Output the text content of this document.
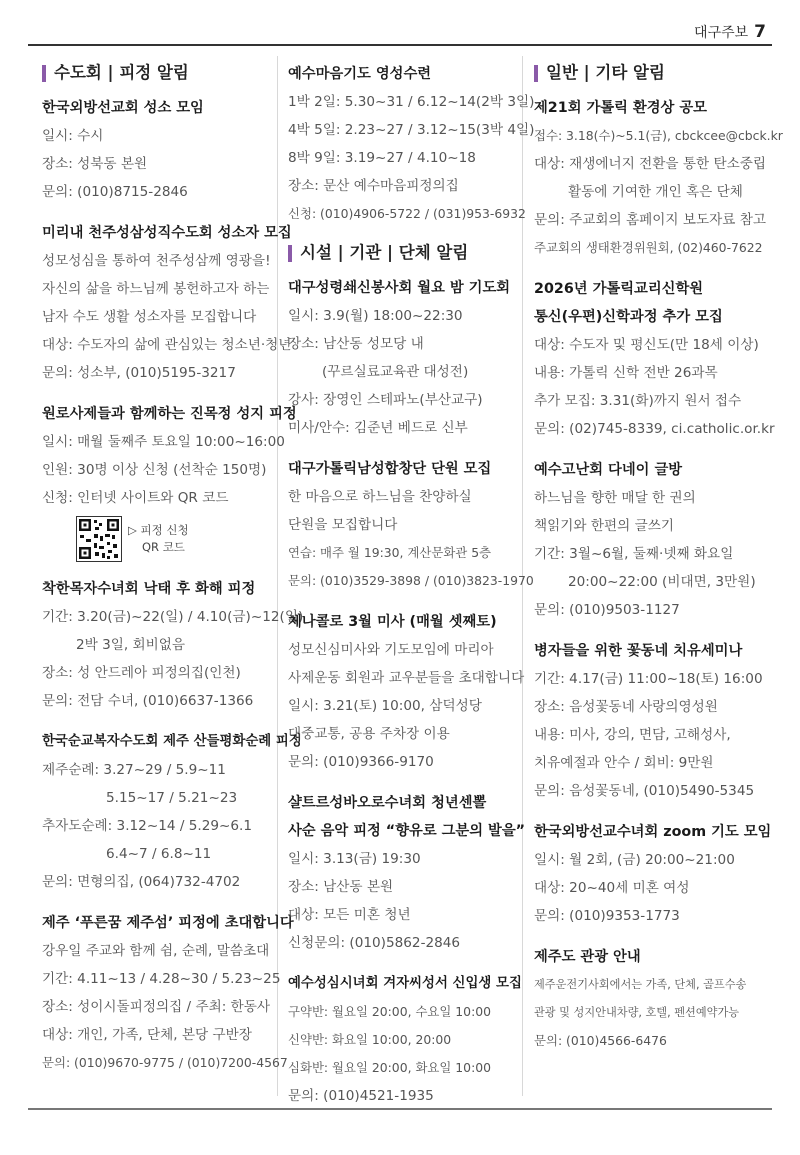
대구주보 7
수도회 | 피정 알림
한국외방선교회 성소 모임
일시: 수시
장소: 성북동 본원
문의: (010)8715-2846
미리내 천주성삼성직수도회 성소자 모집
성모성심을 통하여 천주성삼께 영광을!
자신의 삶을 하느님께 봉헌하고자 하는
남자 수도 생활 성소자를 모집합니다
대상: 수도자의 삶에 관심있는 청소년·청년
문의: 성소부, (010)5195-3217
원로사제들과 함께하는 진목정 성지 피정
일시: 매월 둘째주 토요일 10:00~16:00
인원: 30명 이상 신청 (선착순 150명)
신청: 인터넷 사이트와 QR 코드
▷ 피정 신청
QR 코드
착한목자수녀회 낙태 후 화해 피정
기간: 3.20(금)~22(일) / 4.10(금)~12(일)
2박 3일, 회비없음
장소: 성 안드레아 피정의집(인천)
문의: 전담 수녀, (010)6637-1366
한국순교복자수도회 제주 산들평화순례 피정
제주순례: 3.27~29 / 5.9~11
5.15~17 / 5.21~23
추자도순례: 3.12~14 / 5.29~6.1
6.4~7 / 6.8~11
문의: 면형의집, (064)732-4702
제주 ‘푸른꿈 제주섬’ 피정에 초대합니다
강우일 주교와 함께 쉼, 순례, 말씀초대
기간: 4.11~13 / 4.28~30 / 5.23~25
장소: 성이시돌피정의집 / 주최: 한동사
대상: 개인, 가족, 단체, 본당 구반장
문의: (010)9670-9775 / (010)7200-4567
예수마음기도 영성수련
1박 2일: 5.30~31 / 6.12~14(2박 3일)
4박 5일: 2.23~27 / 3.12~15(3박 4일)
8박 9일: 3.19~27 / 4.10~18
장소: 문산 예수마음피정의집
신청: (010)4906-5722 / (031)953-6932
시설 | 기관 | 단체 알림
대구성령쇄신봉사회 월요 밤 기도회
일시: 3.9(월) 18:00~22:30
장소: 남산동 성모당 내
(꾸르실료교육관 대성전)
강사: 장영인 스테파노(부산교구)
미사/안수: 김준년 베드로 신부
대구가톨릭남성합창단 단원 모집
한 마음으로 하느님을 찬양하실
단원을 모집합니다
연습: 매주 월 19:30, 계산문화관 5층
문의: (010)3529-3898 / (010)3823-1970
체나콜로 3월 미사 (매월 셋째토)
성모신심미사와 기도모임에 마리아
사제운동 회원과 교우분들을 초대합니다
일시: 3.21(토) 10:00, 삼덕성당
대중교통, 공용 주차장 이용
문의: (010)9366-9170
샬트르성바오로수녀회 청년센뽈
사순 음악 피정 “향유로 그분의 발을”
일시: 3.13(금) 19:30
장소: 남산동 본원
대상: 모든 미혼 청년
신청문의: (010)5862-2846
예수성심시녀회 겨자씨성서 신입생 모집
구약반: 월요일 20:00, 수요일 10:00
신약반: 화요일 10:00, 20:00
심화반: 월요일 20:00, 화요일 10:00
문의: (010)4521-1935
일반 | 기타 알림
제21회 가톨릭 환경상 공모
접수: 3.18(수)~5.1(금), cbckcee@cbck.kr
대상: 재생에너지 전환을 통한 탄소중립
활동에 기여한 개인 혹은 단체
문의: 주교회의 홈페이지 보도자료 참고
주교회의 생태환경위원회, (02)460-7622
2026년 가톨릭교리신학원
통신(우편)신학과정 추가 모집
대상: 수도자 및 평신도(만 18세 이상)
내용: 가톨릭 신학 전반 26과목
추가 모집: 3.31(화)까지 원서 접수
문의: (02)745-8339, ci.catholic.or.kr
예수고난회 다네이 글방
하느님을 향한 매달 한 권의
책읽기와 한편의 글쓰기
기간: 3월~6월, 둘째·넷째 화요일
20:00~22:00 (비대면, 3만원)
문의: (010)9503-1127
병자들을 위한 꽃동네 치유세미나
기간: 4.17(금) 11:00~18(토) 16:00
장소: 음성꽃동네 사랑의영성원
내용: 미사, 강의, 면담, 고해성사,
치유예절과 안수 / 회비: 9만원
문의: 음성꽃동네, (010)5490-5345
한국외방선교수녀회 zoom 기도 모임
일시: 월 2회, (금) 20:00~21:00
대상: 20~40세 미혼 여성
문의: (010)9353-1773
제주도 관광 안내
제주운전기사회에서는 가족, 단체, 골프수송
관광 및 성지안내차량, 호텔, 펜션예약가능
문의: (010)4566-6476
